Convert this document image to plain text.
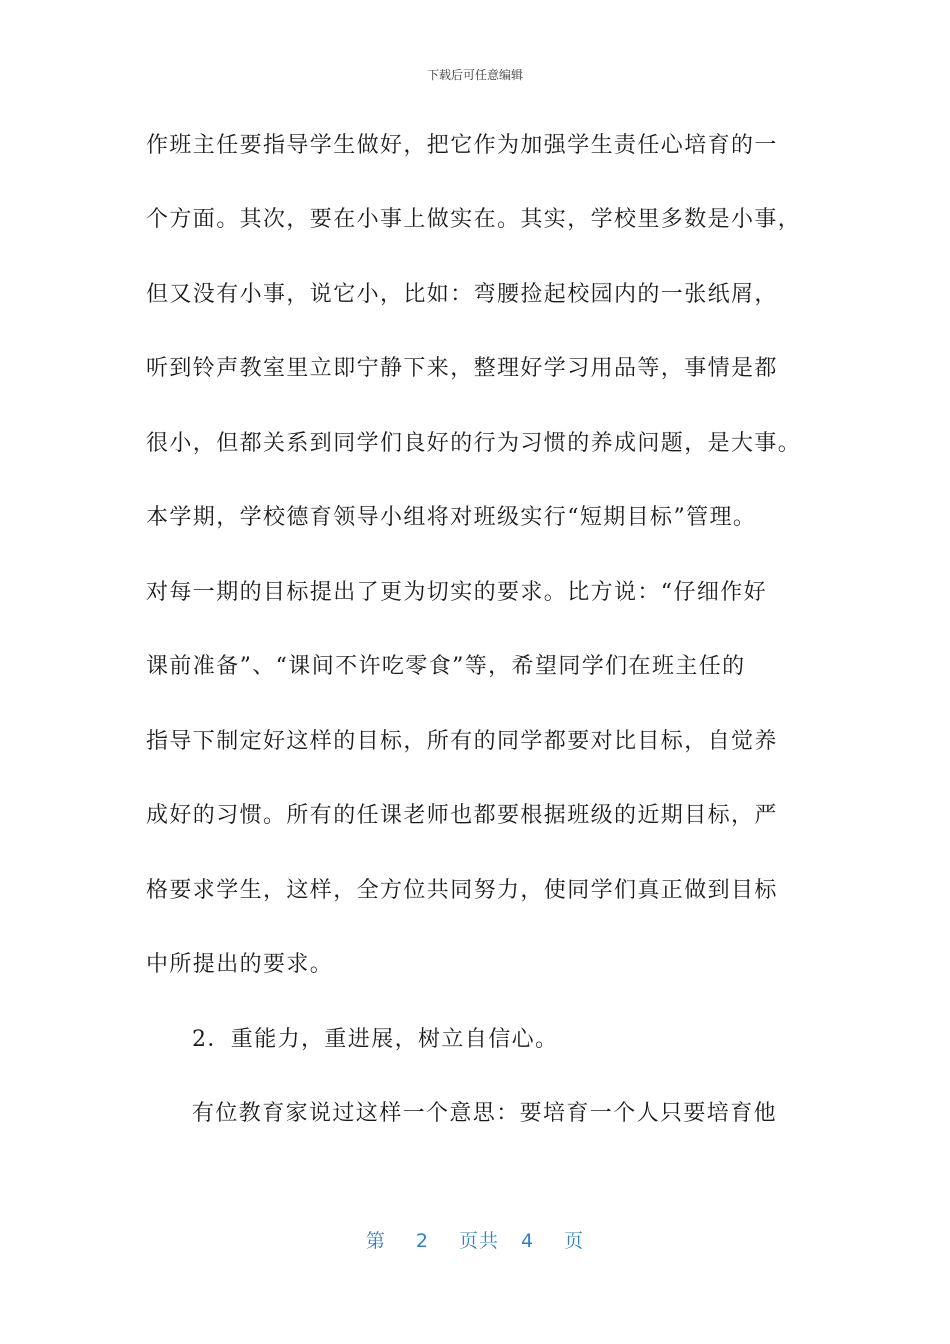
下载后可任意编辑
作班主任要指导学生做好，把它作为加强学生责任心培育的一
个方面。其次，要在小事上做实在。其实，学校里多数是小事，
但又没有小事，说它小，比如：弯腰捡起校园内的一张纸屑，
听到铃声教室里立即宁静下来，整理好学习用品等，事情是都
很小，但都关系到同学们良好的行为习惯的养成问题，是大事。
本学期，学校德育领导小组将对班级实行“短期目标”管理。
对每一期的目标提出了更为切实的要求。比方说：“仔细作好
课前准备”、“课间不许吃零食”等，希望同学们在班主任的
指导下制定好这样的目标，所有的同学都要对比目标，自觉养
成好的习惯。所有的任课老师也都要根据班级的近期目标，严
格要求学生，这样，全方位共同努力，使同学们真正做到目标
中所提出的要求。
2．重能力，重进展，树立自信心。
有位教育家说过这样一个意思：要培育一个人只要培育他
第 2 页共 4 页
